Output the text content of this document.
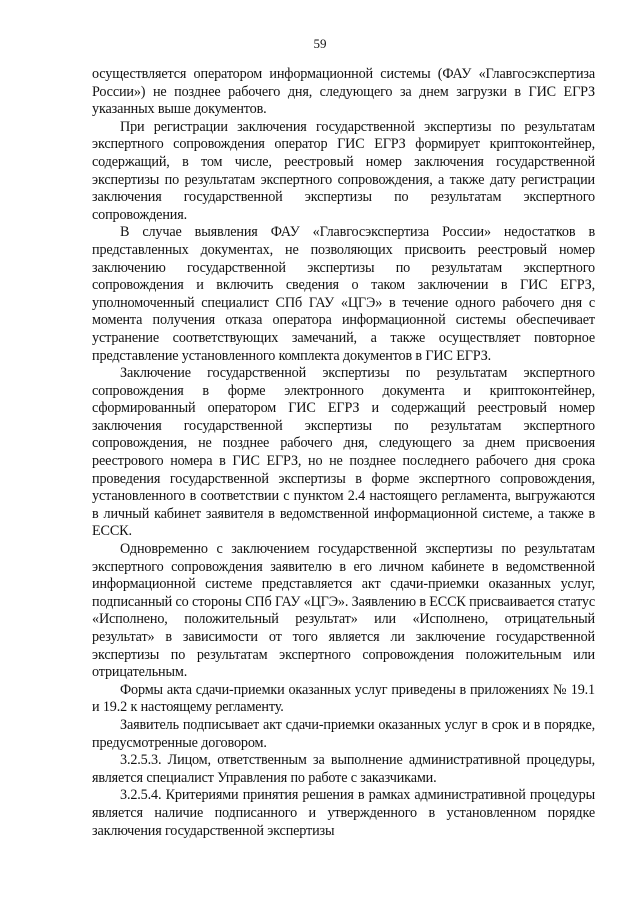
59

осуществляется оператором информационной системы (ФАУ «Главгосэкспертиза России») не позднее рабочего дня, следующего за днем загрузки в ГИС ЕГРЗ указанных выше документов.

При регистрации заключения государственной экспертизы по результатам экспертного сопровождения оператор ГИС ЕГРЗ формирует криптоконтейнер, содержащий, в том числе, реестровый номер заключения государственной экспертизы по результатам экспертного сопровождения, а также дату регистрации заключения государственной экспертизы по результатам экспертного сопровождения.

В случае выявления ФАУ «Главгосэкспертиза России» недостатков в представленных документах, не позволяющих присвоить реестровый номер заключению государственной экспертизы по результатам экспертного сопровождения и включить сведения о таком заключении в ГИС ЕГРЗ, уполномоченный специалист СПб ГАУ «ЦГЭ» в течение одного рабочего дня с момента получения отказа оператора информационной системы обеспечивает устранение соответствующих замечаний, а также осуществляет повторное представление установленного комплекта документов в ГИС ЕГРЗ.

Заключение государственной экспертизы по результатам экспертного сопровождения в форме электронного документа и криптоконтейнер, сформированный оператором ГИС ЕГРЗ и содержащий реестровый номер заключения государственной экспертизы по результатам экспертного сопровождения, не позднее рабочего дня, следующего за днем присвоения реестрового номера в ГИС ЕГРЗ, но не позднее последнего рабочего дня срока проведения государственной экспертизы в форме экспертного сопровождения, установленного в соответствии с пунктом 2.4 настоящего регламента, выгружаются в личный кабинет заявителя в ведомственной информационной системе, а также в ЕССК.

Одновременно с заключением государственной экспертизы по результатам экспертного сопровождения заявителю в его личном кабинете в ведомственной информационной системе представляется акт сдачи-приемки оказанных услуг, подписанный со стороны СПб ГАУ «ЦГЭ». Заявлению в ЕССК присваивается статус «Исполнено, положительный результат» или «Исполнено, отрицательный результат» в зависимости от того является ли заключение государственной экспертизы по результатам экспертного сопровождения положительным или отрицательным.

Формы акта сдачи-приемки оказанных услуг приведены в приложениях № 19.1 и 19.2 к настоящему регламенту.

Заявитель подписывает акт сдачи-приемки оказанных услуг в срок и в порядке, предусмотренные договором.

3.2.5.3. Лицом, ответственным за выполнение административной процедуры, является специалист Управления по работе с заказчиками.

3.2.5.4. Критериями принятия решения в рамках административной процедуры является наличие подписанного и утвержденного в установленном порядке заключения государственной экспертизы
